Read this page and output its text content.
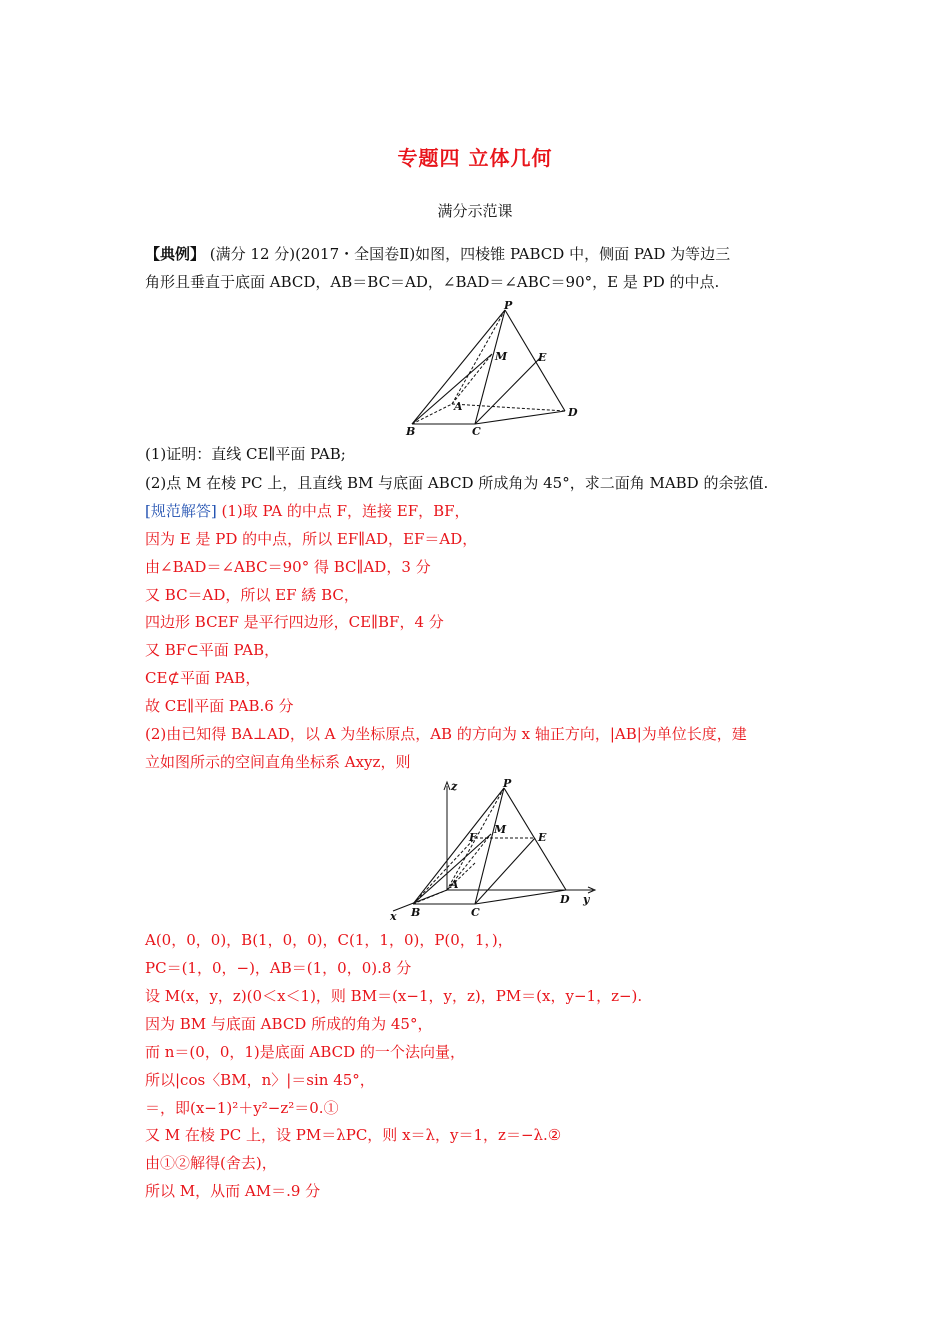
专题四 立体几何
满分示范课
【典例】 (满分 12 分)(2017・全国卷Ⅱ)如图，四棱锥 PABCD 中，侧面 PAD 为等边三
角形且垂直于底面 ABCD，AB＝BC＝AD，∠BAD＝∠ABC＝90°，E 是 PD 的中点.
P
M	E
A	D
B	C
(1)证明：直线 CE∥平面 PAB;
(2)点 M 在棱 PC 上，且直线 BM 与底面 ABCD 所成角为 45°，求二面角 MABD 的余弦值.
[规范解答] (1)取 PA 的中点 F，连接 EF，BF，
因为 E 是 PD 的中点，所以 EF∥AD，EF＝AD，
由∠BAD＝∠ABC＝90° 得 BC∥AD，3 分
又 BC＝AD，所以 EF 綉 BC，
四边形 BCEF 是平行四边形，CE∥BF，4 分
又 BF⊂平面 PAB，
CE⊄平面 PAB，
故 CE∥平面 PAB.6 分
(2)由已知得 BA⊥AD，以 A 为坐标原点，AB 的方向为 x 轴正方向，|AB|为单位长度，建
立如图所示的空间直角坐标系 Axyz，则
z	P
F
M
E
A
D y
x B	C
A(0，0，0)，B(1，0，0)，C(1，1，0)，P(0，1，)，
PC＝(1，0，−)，AB＝(1，0，0).8 分
设 M(x，y，z)(0＜x＜1)，则 BM＝(x−1，y，z)，PM＝(x，y−1，z−).
因为 BM 与底面 ABCD 所成的角为 45°，
而 n＝(0，0，1)是底面 ABCD 的一个法向量，
所以|cos〈BM，n〉|＝sin 45°，
＝，即(x−1)²＋y²−z²＝0.①
又 M 在棱 PC 上，设 PM＝λPC，则 x＝λ，y＝1，z＝−λ.②
由①②解得(舍去)，
所以 M，从而 AM＝.9 分
